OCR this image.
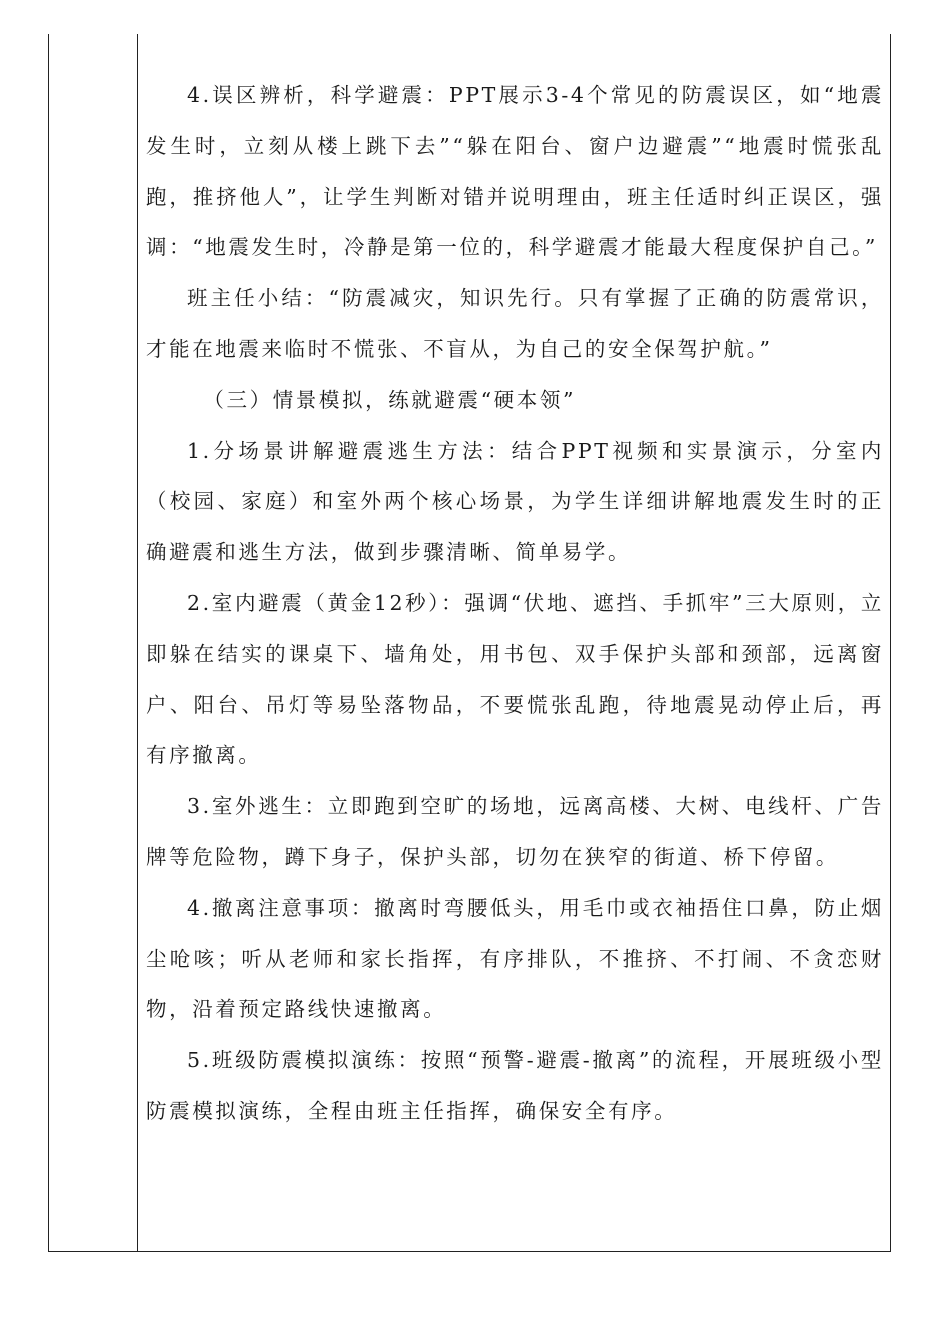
4.误区辨析，科学避震：PPT展示3-4个常见的防震误区，如“地震发生时，立刻从楼上跳下去”“躲在阳台、窗户边避震”“地震时慌张乱跑，推挤他人”，让学生判断对错并说明理由，班主任适时纠正误区，强调：“地震发生时，冷静是第一位的，科学避震才能最大程度保护自己。”

班主任小结：“防震减灾，知识先行。只有掌握了正确的防震常识，才能在地震来临时不慌张、不盲从，为自己的安全保驾护航。”

（三）情景模拟，练就避震“硬本领”

1.分场景讲解避震逃生方法：结合PPT视频和实景演示，分室内（校园、家庭）和室外两个核心场景，为学生详细讲解地震发生时的正确避震和逃生方法，做到步骤清晰、简单易学。

2.室内避震（黄金12秒）：强调“伏地、遮挡、手抓牢”三大原则，立即躲在结实的课桌下、墙角处，用书包、双手保护头部和颈部，远离窗户、阳台、吊灯等易坠落物品，不要慌张乱跑，待地震晃动停止后，再有序撤离。

3.室外逃生：立即跑到空旷的场地，远离高楼、大树、电线杆、广告牌等危险物，蹲下身子，保护头部，切勿在狭窄的街道、桥下停留。

4.撤离注意事项：撤离时弯腰低头，用毛巾或衣袖捂住口鼻，防止烟尘呛咳；听从老师和家长指挥，有序排队，不推挤、不打闹、不贪恋财物，沿着预定路线快速撤离。

5.班级防震模拟演练：按照“预警-避震-撤离”的流程，开展班级小型防震模拟演练，全程由班主任指挥，确保安全有序。
